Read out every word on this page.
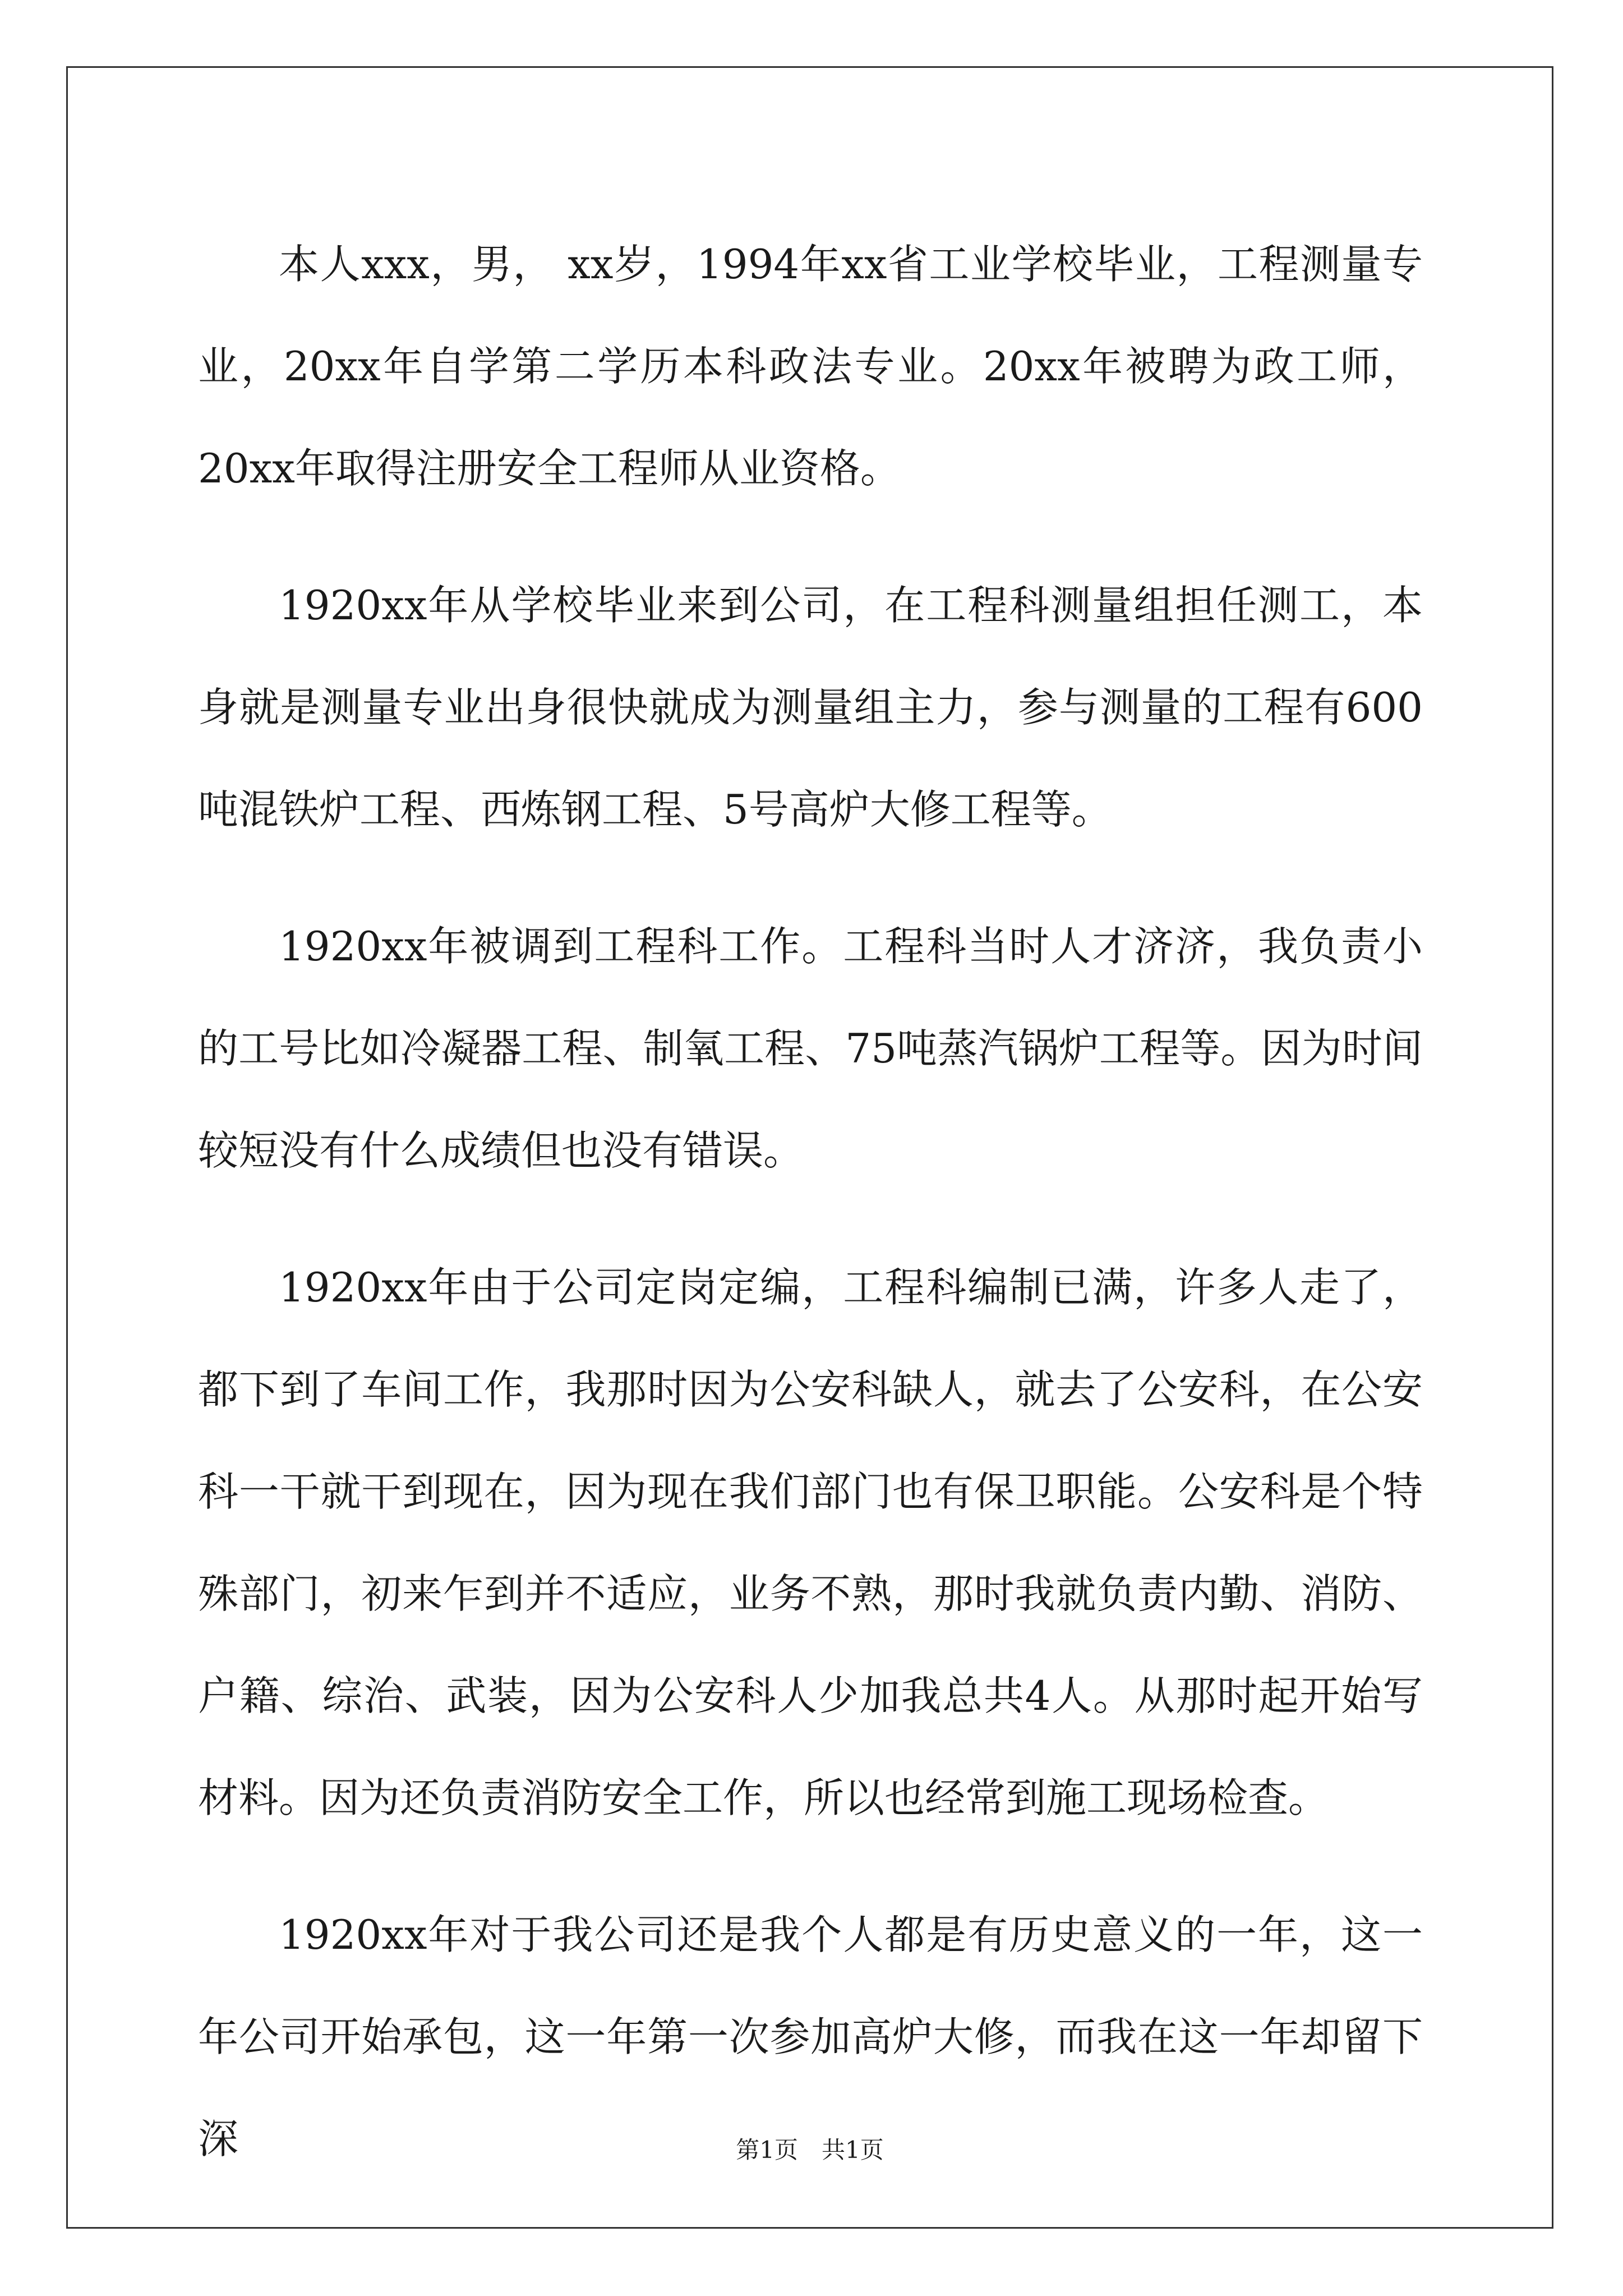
本人xxx，男， xx岁，1994年xx省工业学校毕业，工程测量专业，20xx年自学第二学历本科政法专业。20xx年被聘为政工师，20xx年取得注册安全工程师从业资格。

1920xx年从学校毕业来到公司，在工程科测量组担任测工，本身就是测量专业出身很快就成为测量组主力，参与测量的工程有600吨混铁炉工程、西炼钢工程、5号高炉大修工程等。

1920xx年被调到工程科工作。工程科当时人才济济，我负责小的工号比如冷凝器工程、制氧工程、75吨蒸汽锅炉工程等。因为时间较短没有什么成绩但也没有错误。

1920xx年由于公司定岗定编，工程科编制已满，许多人走了，都下到了车间工作，我那时因为公安科缺人，就去了公安科，在公安科一干就干到现在，因为现在我们部门也有保卫职能。公安科是个特殊部门，初来乍到并不适应，业务不熟，那时我就负责内勤、消防、户籍、综治、武装，因为公安科人少加我总共4人。从那时起开始写材料。因为还负责消防安全工作，所以也经常到施工现场检查。

1920xx年对于我公司还是我个人都是有历史意义的一年，这一年公司开始承包，这一年第一次参加高炉大修，而我在这一年却留下深	第1页　共1页
